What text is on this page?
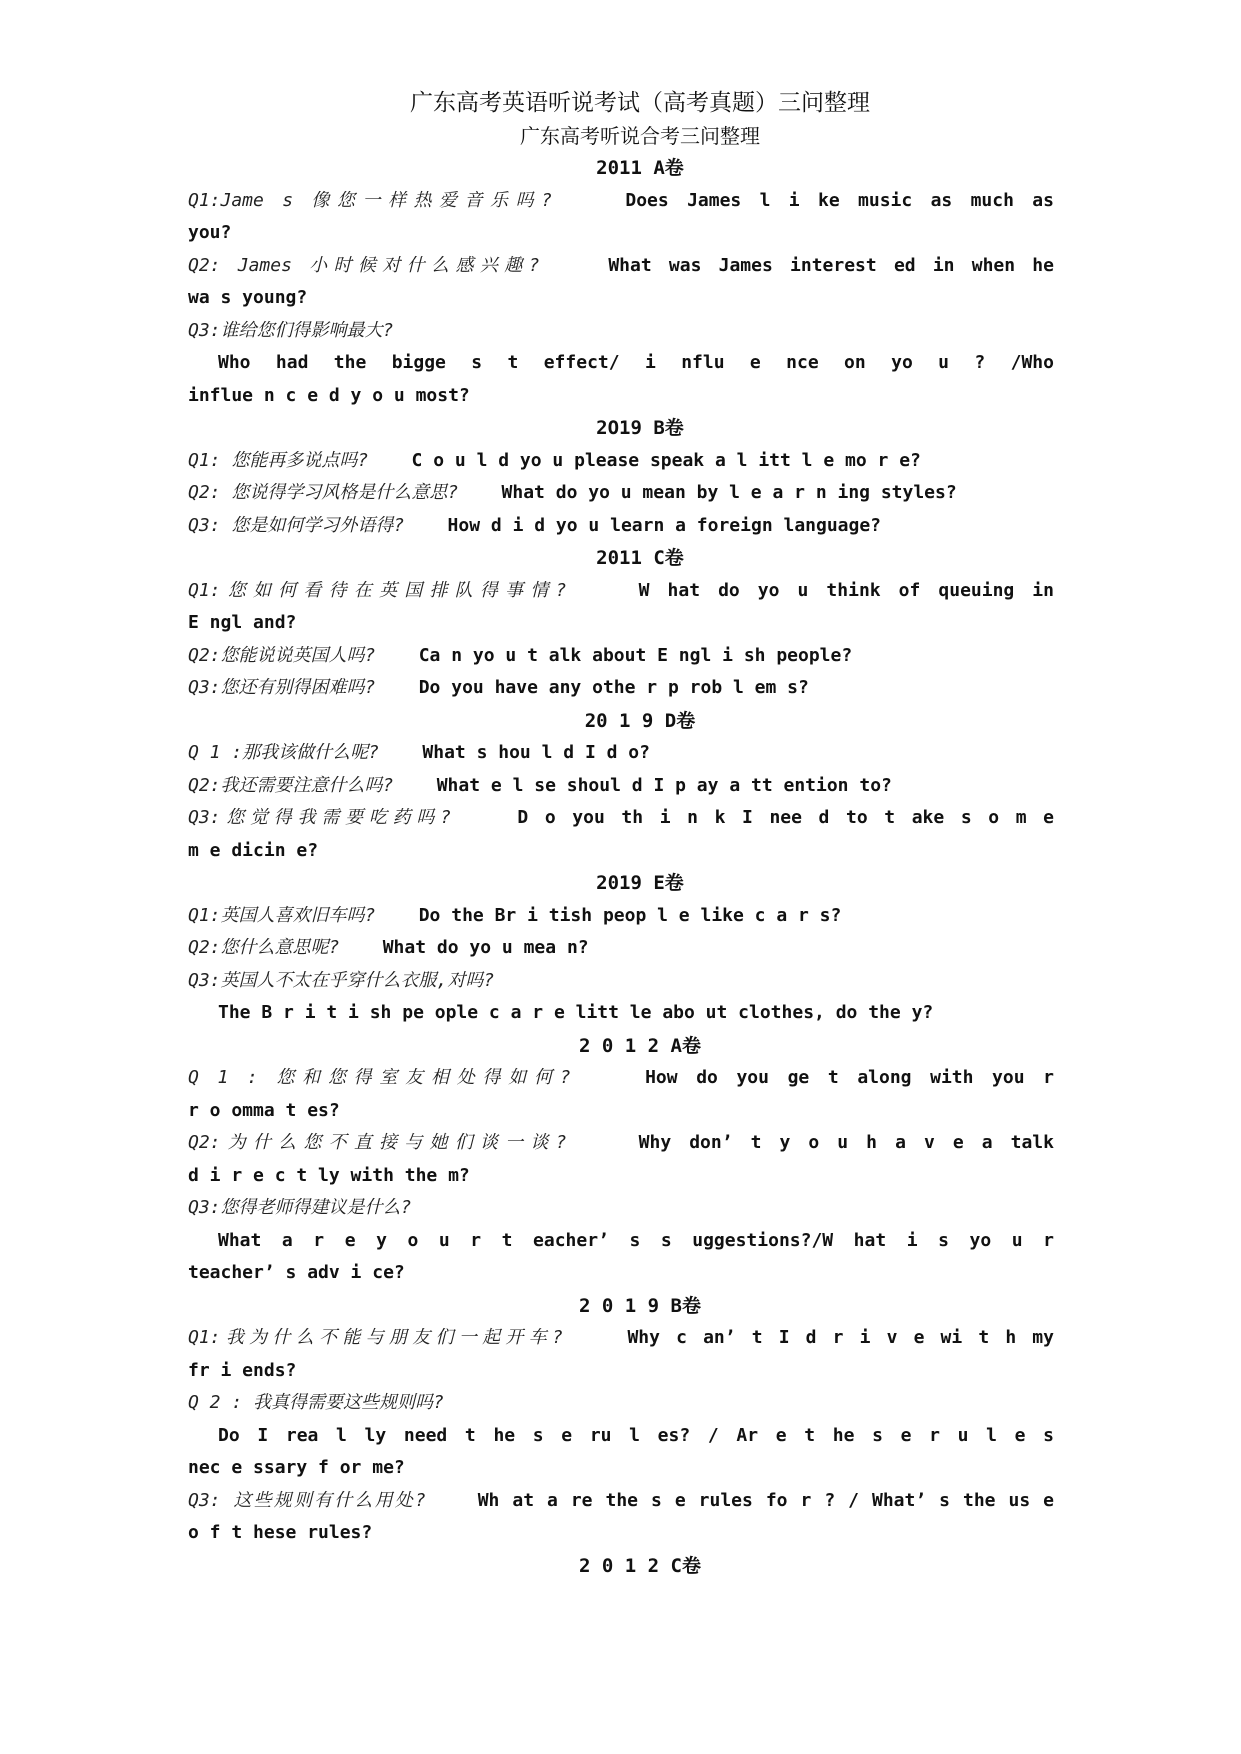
广东高考英语听说考试（高考真题）三问整理
广东高考听说合考三问整理
2011 A卷
Q1:Jame s 像您一样热爱音乐吗?	Does James l i ke music as much as
you?
Q2: James 小时候对什么感兴趣?	What was James interest ed in when he
wa s young?
Q3:谁给您们得影响最大?
Who had the bigge s t effect/ i nflu e nce on yo u ? /Who
influe n c e d y o u most?
2O19 B卷
Q1: 您能再多说点吗? C o u l d yo u please speak a l itt l e mo r e?
Q2: 您说得学习风格是什么意思? What do yo u mean by l e a r n ing styles?
Q3: 您是如何学习外语得? How d i d yo u learn a foreign language?
2011 C卷
Q1:您如何看待在英国排队得事情?	W hat do yo u think of queuing in
E ngl and?
Q2:您能说说英国人吗? Ca n yo u t alk about E ngl i sh people?
Q3:您还有别得困难吗? Do you have any othe r p rob l em s?
20 1 9 D卷
Q 1 :那我该做什么呢? What s hou l d I d o?
Q2:我还需要注意什么吗? What e l se shoul d I p ay a tt ention to?
Q3:您觉得我需要吃药吗?	D o you th i n k I nee d to t ake s o m e
m e dicin e?
2019 E卷
Q1:英国人喜欢旧车吗? Do the Br i tish peop l e like c a r s?
Q2:您什么意思呢? What do yo u mea n?
Q3:英国人不太在乎穿什么衣服,对吗?
The B r i t i sh pe ople c a r e litt le abo ut clothes, do the y?
2 0 1 2 A卷
Q 1 : 您和您得室友相处得如何?	How do you ge t along with you r
r o omma t es?
Q2:为什么您不直接与她们谈一谈?	Why don’ t y o u h a v e a talk
d i r e c t ly with the m?
Q3:您得老师得建议是什么?
What a r e y o u r t eacher’ s s uggestions?/W hat i s yo u r
teacher’ s adv i ce?
2 0 1 9 B卷
Q1:我为什么不能与朋友们一起开车?	Why c an’ t I d r i v e wi t h my
fr i ends?
Q 2 : 我真得需要这些规则吗?
Do I rea l ly need t he s e ru l es? / Ar e t he s e r u l e s
nec e ssary f or me?
Q3: 这些规则有什么用处?	Wh at a re the s e rules fo r ? / What’ s the us e
o f t hese rules?
2 0 1 2 C卷
